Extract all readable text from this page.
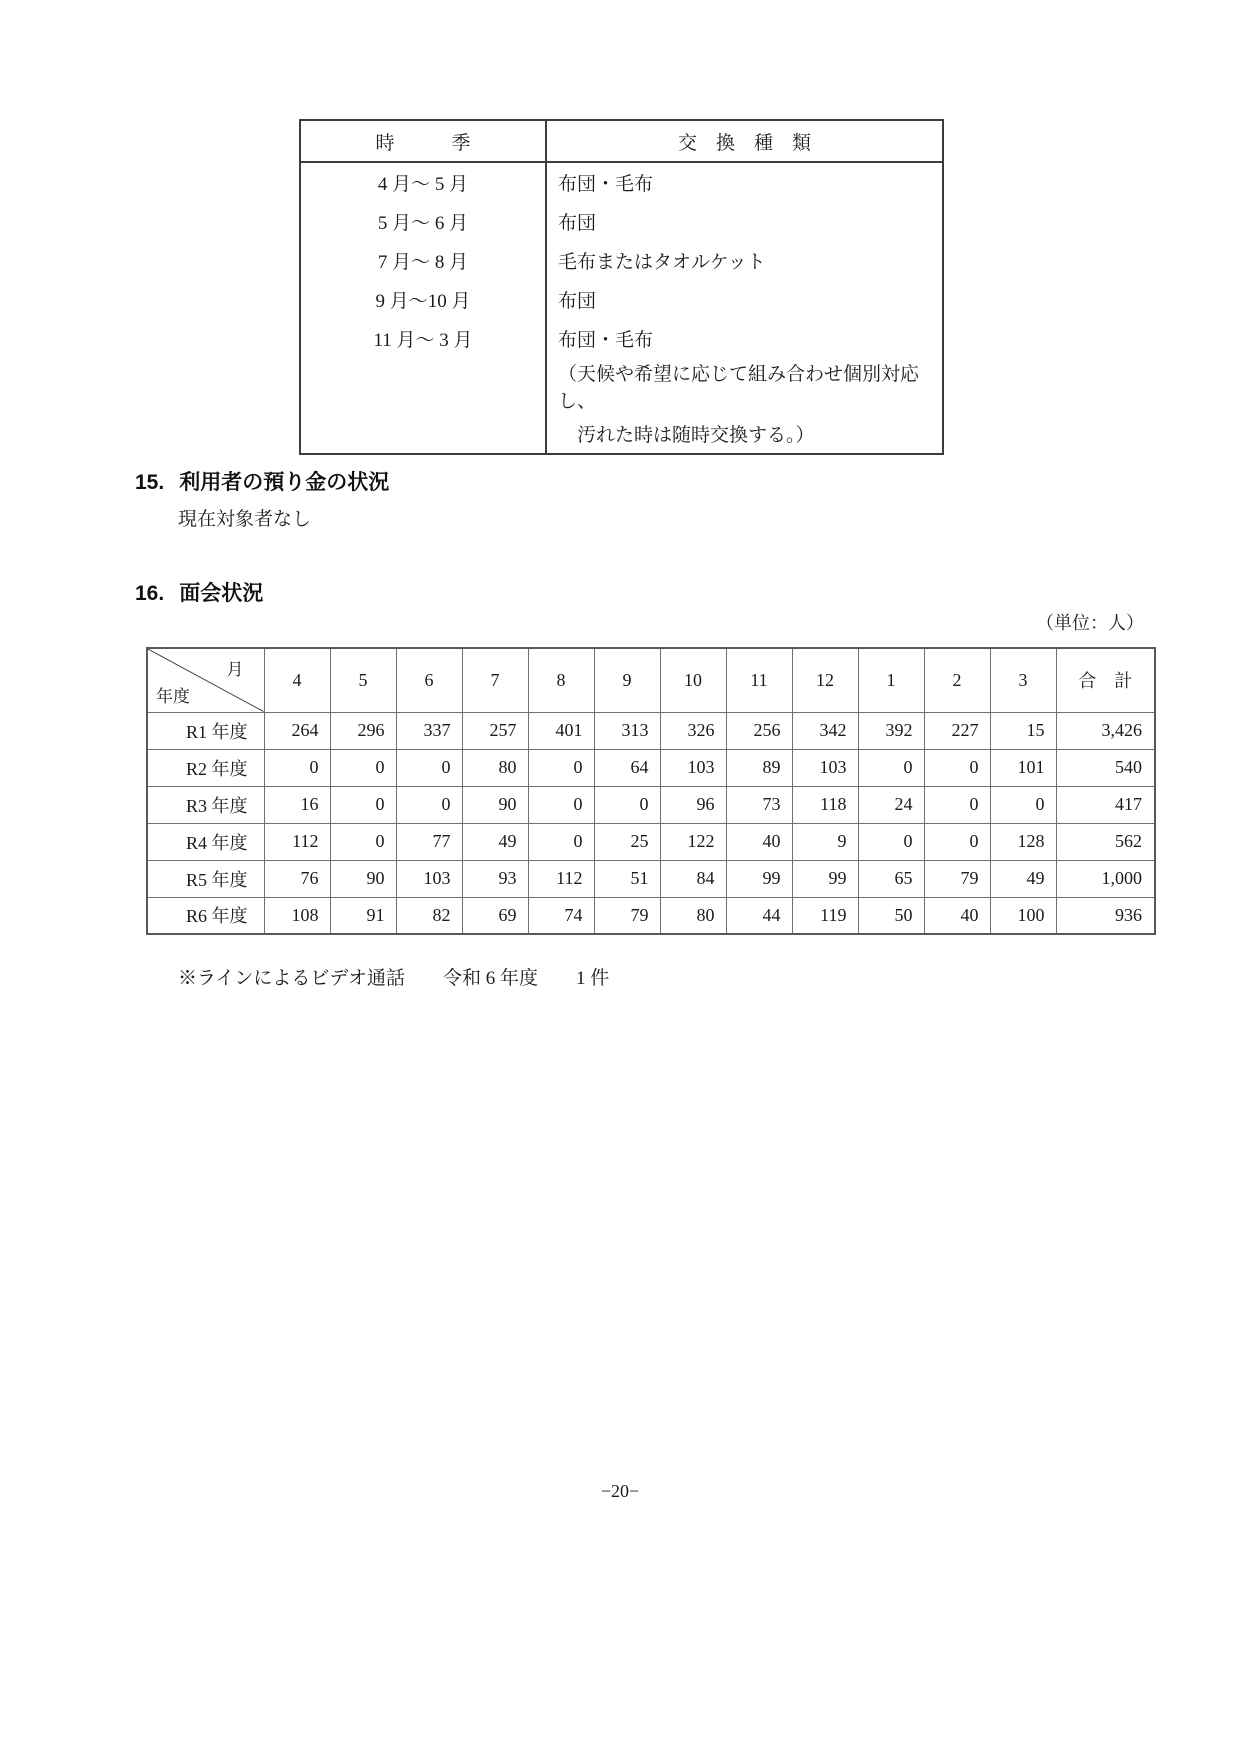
時　　　季	交　換　種　類
4 月～ 5 月	布団・毛布
5 月～ 6 月	布団
7 月～ 8 月	毛布またはタオルケット
9 月～10 月	布団
11 月～ 3 月	布団・毛布
	（天候や希望に応じて組み合わせ個別対応し、
	　汚れた時は随時交換する。）
15. 利用者の預り金の状況
現在対象者なし
16. 面会状況
（単位：人）
月
年度	4	5	6	7	8	9	10	11	12	1	2	3	合　計
R1 年度	264	296	337	257	401	313	326	256	342	392	227	15	3,426
R2 年度	0	0	0	80	0	64	103	89	103	0	0	101	540
R3 年度	16	0	0	90	0	0	96	73	118	24	0	0	417
R4 年度	112	0	77	49	0	25	122	40	9	0	0	128	562
R5 年度	76	90	103	93	112	51	84	99	99	65	79	49	1,000
R6 年度	108	91	82	69	74	79	80	44	119	50	40	100	936
※ラインによるビデオ通話　　令和 6 年度　　1 件
−20−
